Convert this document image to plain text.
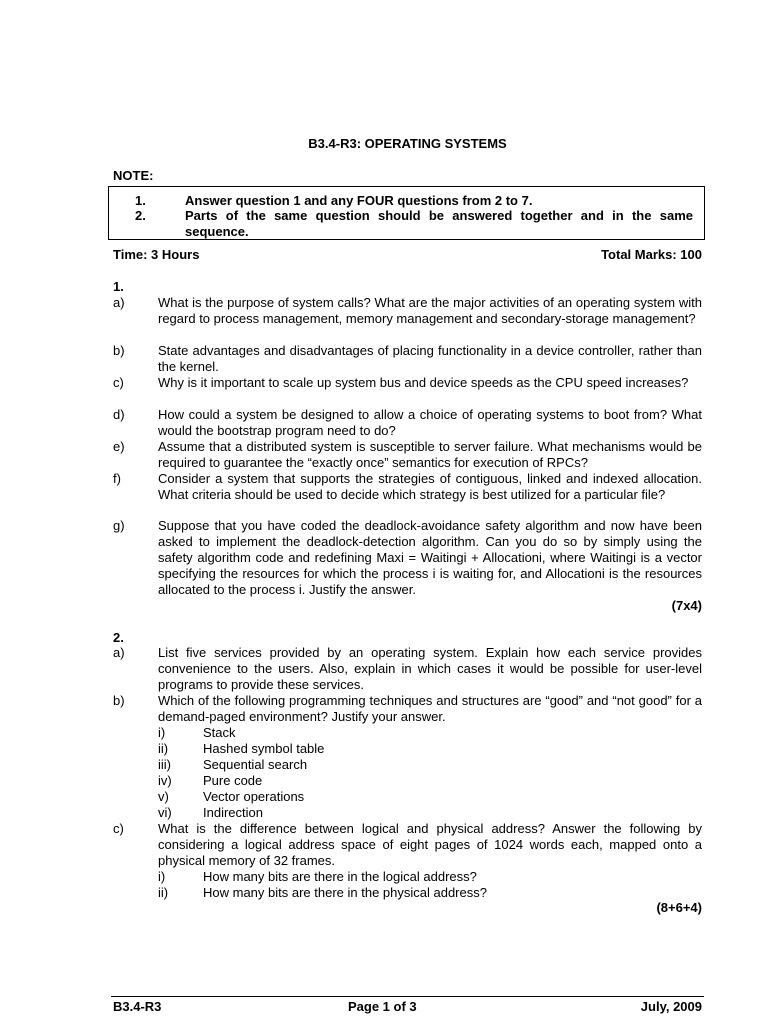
B3.4-R3: OPERATING SYSTEMS
NOTE:
1.	Answer question 1 and any FOUR questions from 2 to 7.
2.	Parts of the same question should be answered together and in the same sequence.
Time: 3 Hours	Total Marks: 100
1.
a)	What is the purpose of system calls? What are the major activities of an operating system with regard to process management, memory management and secondary-storage management?
b)	State advantages and disadvantages of placing functionality in a device controller, rather than the kernel.
c)	Why is it important to scale up system bus and device speeds as the CPU speed increases?
d)	How could a system be designed to allow a choice of operating systems to boot from? What would the bootstrap program need to do?
e)	Assume that a distributed system is susceptible to server failure. What mechanisms would be required to guarantee the “exactly once” semantics for execution of RPCs?
f)	Consider a system that supports the strategies of contiguous, linked and indexed allocation. What criteria should be used to decide which strategy is best utilized for a particular file?
g)	Suppose that you have coded the deadlock-avoidance safety algorithm and now have been asked to implement the deadlock-detection algorithm. Can you do so by simply using the safety algorithm code and redefining Maxi = Waitingi + Allocationi, where Waitingi is a vector specifying the resources for which the process i is waiting for, and Allocationi is the resources allocated to the process i. Justify the answer.
(7x4)
2.
a)	List five services provided by an operating system. Explain how each service provides convenience to the users. Also, explain in which cases it would be possible for user-level programs to provide these services.
b)	Which of the following programming techniques and structures are “good” and “not good” for a demand-paged environment? Justify your answer.
i)	Stack
ii)	Hashed symbol table
iii) Sequential search
iv) Pure code
v)	Vector operations
vi) Indirection
c)	What is the difference between logical and physical address? Answer the following by considering a logical address space of eight pages of 1024 words each, mapped onto a physical memory of 32 frames.
i)	How many bits are there in the logical address?
ii)	How many bits are there in the physical address?
(8+6+4)
B3.4-R3	Page 1 of 3	July, 2009
